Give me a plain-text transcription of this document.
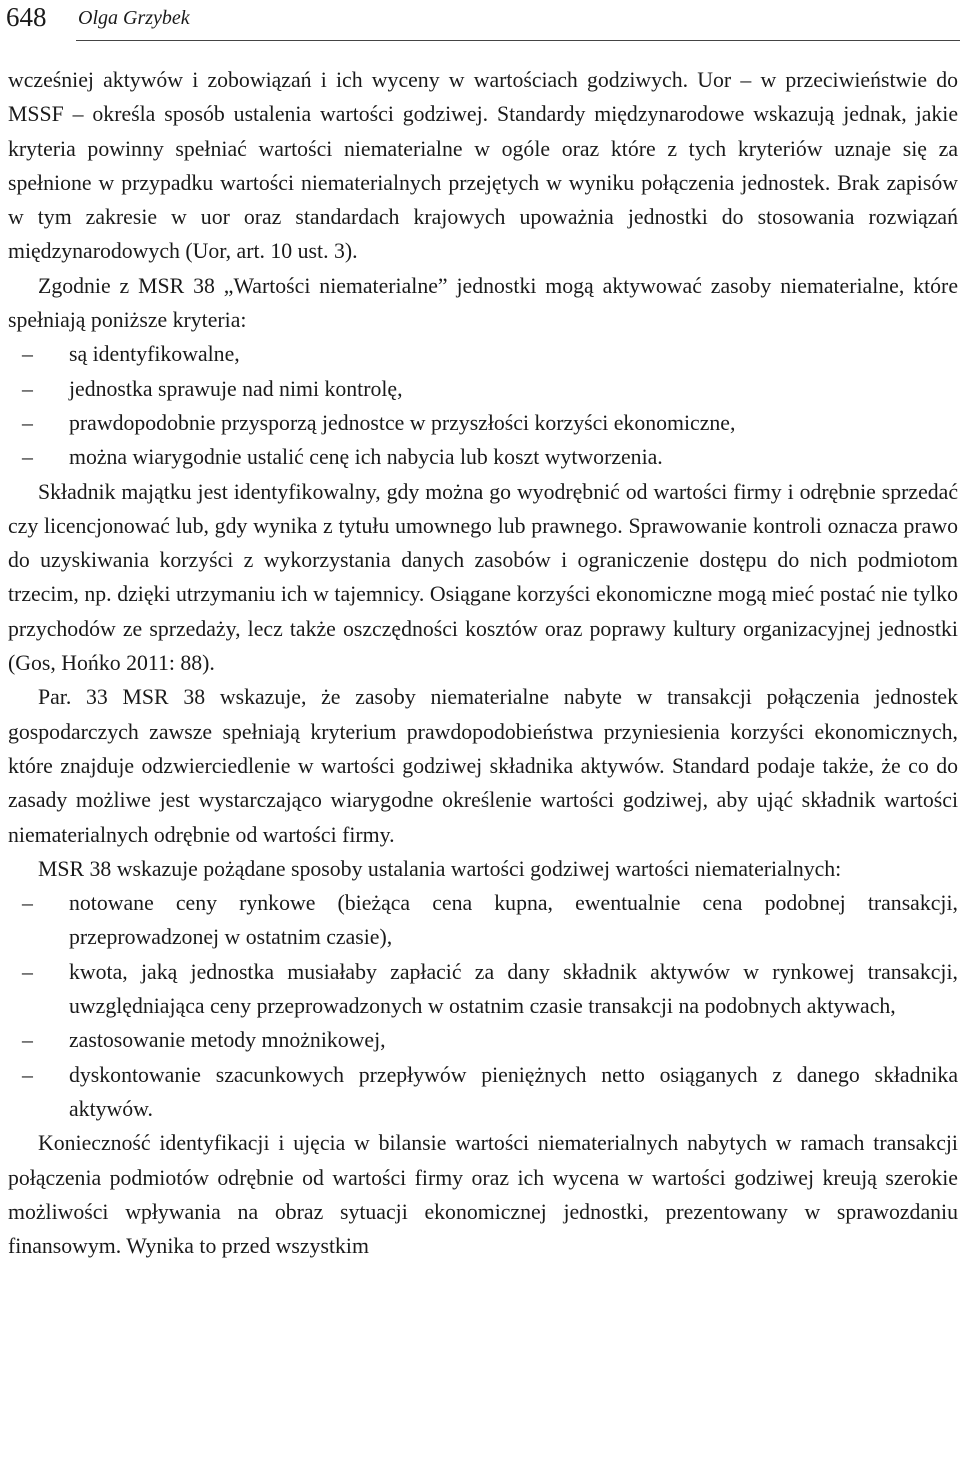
648 Olga Grzybek

wcześniej aktywów i zobowiązań i ich wyceny w wartościach godziwych. Uor – w przeciwieństwie do MSSF – określa sposób ustalenia wartości godziwej. Standardy międzynarodowe wskazują jednak, jakie kryteria powinny spełniać wartości niematerialne w ogóle oraz które z tych kryteriów uznaje się za spełnione w przypadku wartości niematerialnych przejętych w wyniku połączenia jednostek. Brak zapisów w tym zakresie w uor oraz standardach krajowych upoważnia jednostki do stosowania rozwiązań międzynarodowych (Uor, art. 10 ust. 3).

Zgodnie z MSR 38 „Wartości niematerialne” jednostki mogą aktywować zasoby niematerialne, które spełniają poniższe kryteria:

– są identyfikowalne,
– jednostka sprawuje nad nimi kontrolę,
– prawdopodobnie przysporzą jednostce w przyszłości korzyści ekonomiczne,
– można wiarygodnie ustalić cenę ich nabycia lub koszt wytworzenia.

Składnik majątku jest identyfikowalny, gdy można go wyodrębnić od wartości firmy i odrębnie sprzedać czy licencjonować lub, gdy wynika z tytułu umownego lub prawnego. Sprawowanie kontroli oznacza prawo do uzyskiwania korzyści z wykorzystania danych zasobów i ograniczenie dostępu do nich podmiotom trzecim, np. dzięki utrzymaniu ich w tajemnicy. Osiągane korzyści ekonomiczne mogą mieć postać nie tylko przychodów ze sprzedaży, lecz także oszczędności kosztów oraz poprawy kultury organizacyjnej jednostki (Gos, Hońko 2011: 88).

Par. 33 MSR 38 wskazuje, że zasoby niematerialne nabyte w transakcji połączenia jednostek gospodarczych zawsze spełniają kryterium prawdopodobieństwa przyniesienia korzyści ekonomicznych, które znajduje odzwierciedlenie w wartości godziwej składnika aktywów. Standard podaje także, że co do zasady możliwe jest wystarczająco wiarygodne określenie wartości godziwej, aby ująć składnik wartości niematerialnych odrębnie od wartości firmy.

MSR 38 wskazuje pożądane sposoby ustalania wartości godziwej wartości niematerialnych:

– notowane ceny rynkowe (bieżąca cena kupna, ewentualnie cena podobnej transakcji, przeprowadzonej w ostatnim czasie),
– kwota, jaką jednostka musiałaby zapłacić za dany składnik aktywów w rynkowej transakcji, uwzględniająca ceny przeprowadzonych w ostatnim czasie transakcji na podobnych aktywach,
– zastosowanie metody mnożnikowej,
– dyskontowanie szacunkowych przepływów pieniężnych netto osiąganych z danego składnika aktywów.

Konieczność identyfikacji i ujęcia w bilansie wartości niematerialnych nabytych w ramach transakcji połączenia podmiotów odrębnie od wartości firmy oraz ich wycena w wartości godziwej kreują szerokie możliwości wpływania na obraz sytuacji ekonomicznej jednostki, prezentowany w sprawozdaniu finansowym. Wynika to przed wszystkim
